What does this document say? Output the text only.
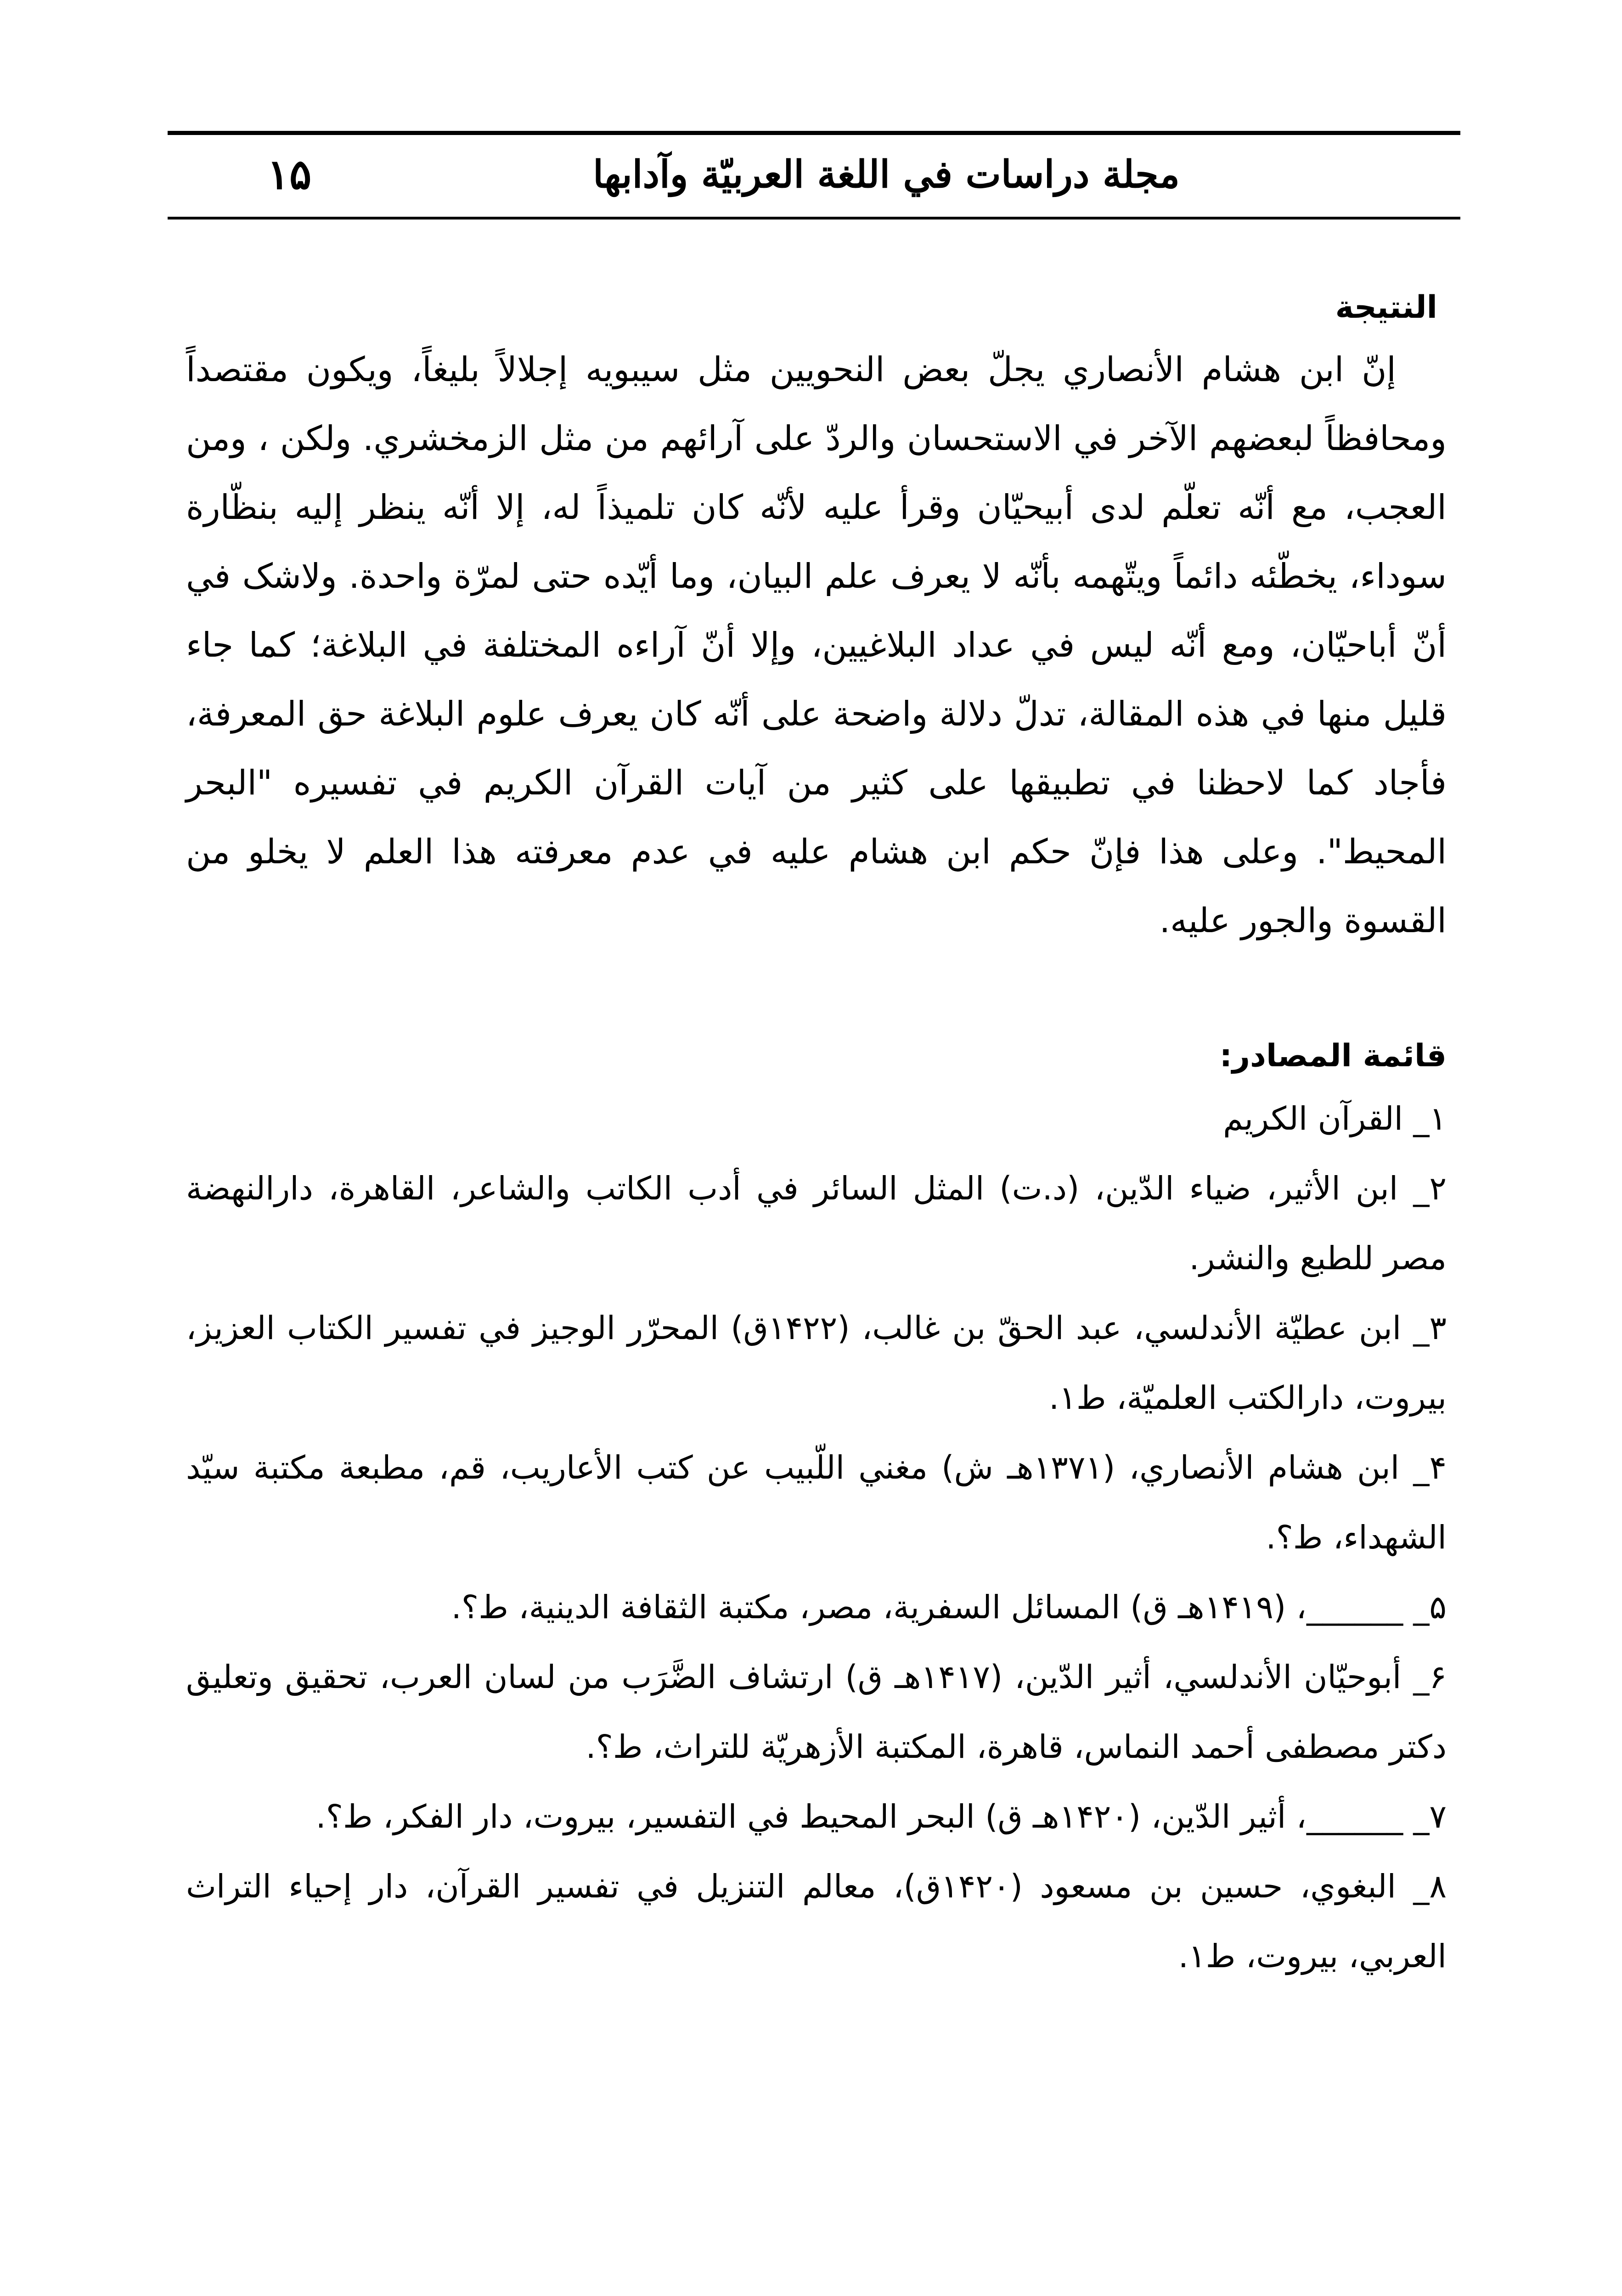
مجلة دراسات في اللغة العربيّة وآدابها
۱۵
النتيجة

إنّ ابن هشام الأنصاري يجلّ بعض النحويين مثل سيبويه إجلالاً بليغاً، ويكون مقتصداً ومحافظاً لبعضهم الآخر في الاستحسان والردّ على آرائهم من مثل الزمخشري. ولكن ، ومن العجب، مع أنّه تعلّم لدى أبيحيّان وقرأ عليه لأنّه كان تلميذاً له، إلا أنّه ينظر إليه بنظّارة سوداء، يخطّئه دائماً ويتّهمه بأنّه لا يعرف علم البيان، وما أيّده حتى لمرّة واحدة. ولاشک في أنّ أباحيّان، ومع أنّه ليس في عداد البلاغيين، وإلا أنّ آراءه المختلفة في البلاغة؛ كما جاء قليل منها في هذه المقالة، تدلّ دلالة واضحة على أنّه كان يعرف علوم البلاغة حق المعرفة، فأجاد كما لاحظنا في تطبيقها على كثير من آيات القرآن الكريم في تفسيره "البحر المحيط". وعلى هذا فإنّ حكم ابن هشام عليه في عدم معرفته هذا العلم لا يخلو من القسوة والجور عليه.

قائمة المصادر:
۱_ القرآن الكريم
۲_ ابن الأثير، ضياء الدّين، (د.ت) المثل السائر في أدب الكاتب والشاعر، القاهرة، دارالنهضة مصر للطبع والنشر.
۳_ ابن عطيّة الأندلسي، عبد الحقّ بن غالب، (۱۴۲۲ق) المحرّر الوجيز في تفسير الكتاب العزيز، بيروت، دارالكتب العلميّة، ط۱.
۴_ ابن هشام الأنصاري، (۱۳۷۱هـ ش) مغني اللّبيب عن كتب الأعاريب، قم، مطبعة مكتبة سيّد الشهداء، ط؟.
۵_ ______، (۱۴۱۹هـ ق) المسائل السفرية، مصر، مكتبة الثقافة الدينية، ط؟.
۶_ أبوحيّان الأندلسي، أثير الدّين، (۱۴۱۷هـ ق) ارتشاف الضَّرَب من لسان العرب، تحقيق وتعليق دكتر مصطفى أحمد النماس، قاهرة، المكتبة الأزهريّة للتراث، ط؟.
۷_ ______، أثير الدّين، (۱۴۲۰هـ ق) البحر المحيط في التفسير، بيروت، دار الفكر، ط؟.
۸_ البغوي، حسين بن مسعود (۱۴۲۰ق)، معالم التنزيل في تفسير القرآن، دار إحياء التراث العربي، بيروت، ط۱.
